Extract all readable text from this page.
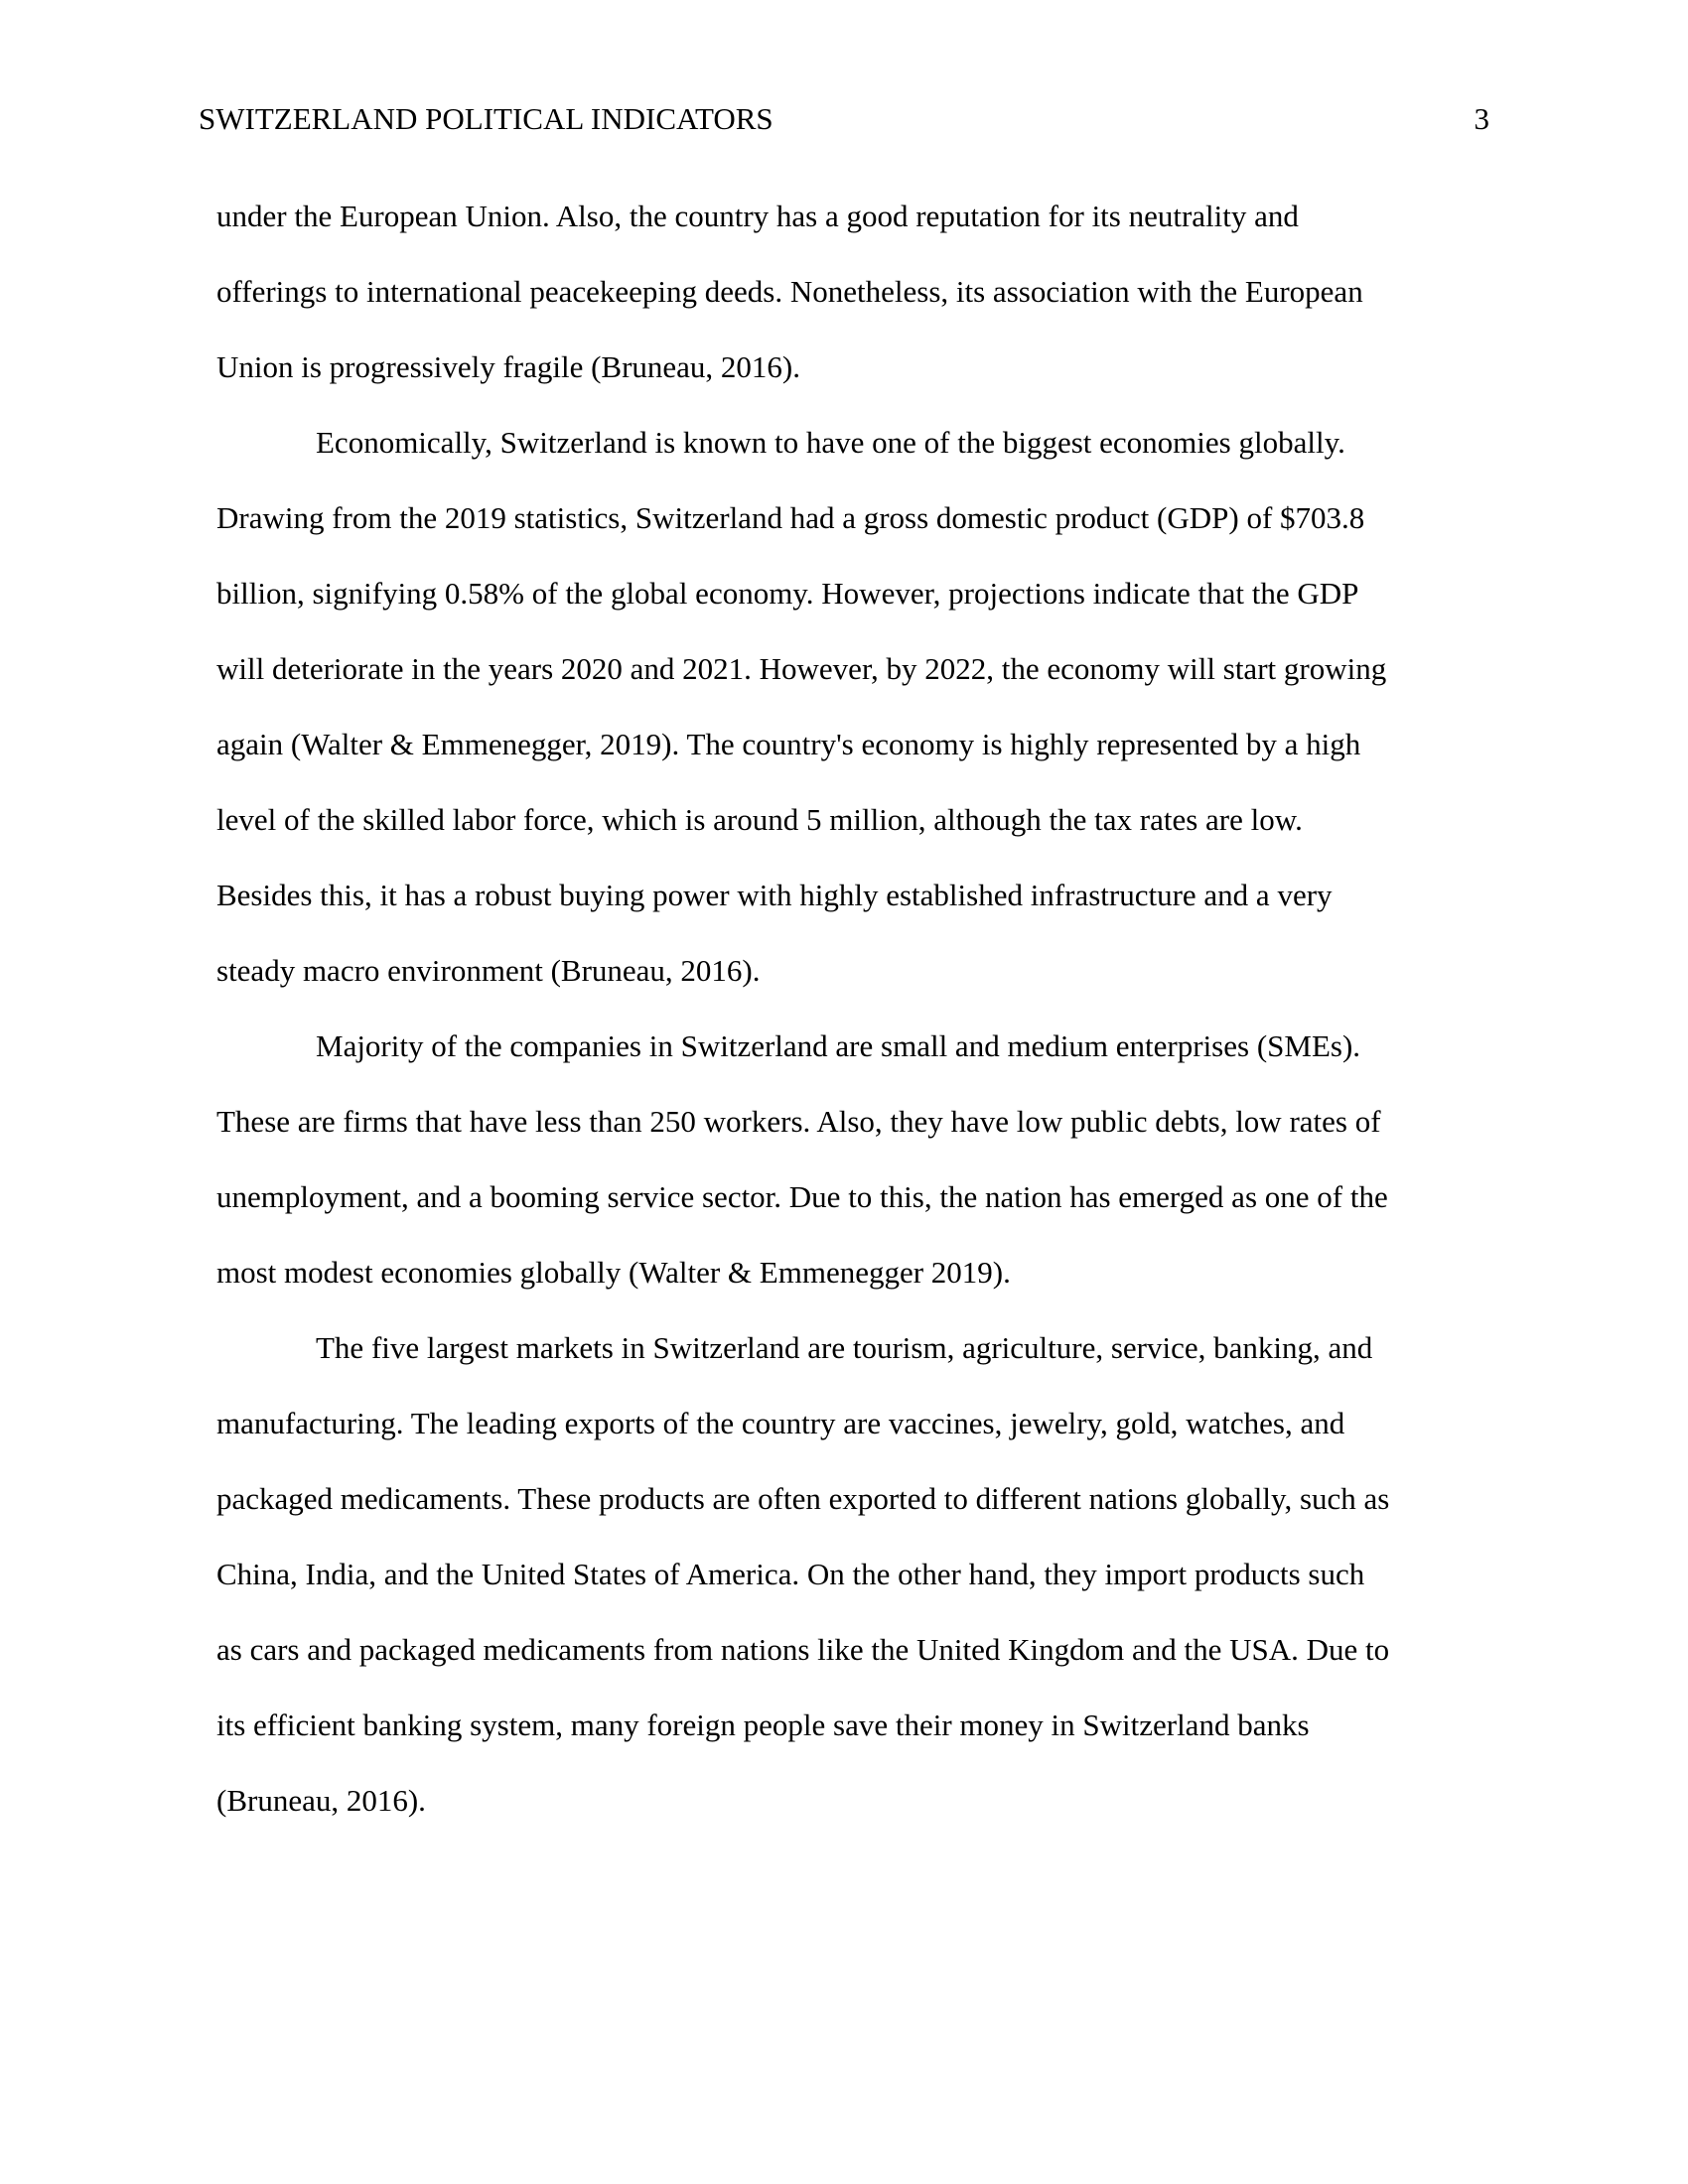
SWITZERLAND POLITICAL INDICATORS	3
under the European Union. Also, the country has a good reputation for its neutrality and
offerings to international peacekeeping deeds. Nonetheless, its association with the European
Union is progressively fragile (Bruneau, 2016).
Economically, Switzerland is known to have one of the biggest economies globally.
Drawing from the 2019 statistics, Switzerland had a gross domestic product (GDP) of $703.8
billion, signifying 0.58% of the global economy. However, projections indicate that the GDP
will deteriorate in the years 2020 and 2021. However, by 2022, the economy will start growing
again (Walter & Emmenegger, 2019). The country's economy is highly represented by a high
level of the skilled labor force, which is around 5 million, although the tax rates are low.
Besides this, it has a robust buying power with highly established infrastructure and a very
steady macro environment (Bruneau, 2016).
Majority of the companies in Switzerland are small and medium enterprises (SMEs).
These are firms that have less than 250 workers. Also, they have low public debts, low rates of
unemployment, and a booming service sector. Due to this, the nation has emerged as one of the
most modest economies globally (Walter & Emmenegger 2019).
The five largest markets in Switzerland are tourism, agriculture, service, banking, and
manufacturing. The leading exports of the country are vaccines, jewelry, gold, watches, and
packaged medicaments. These products are often exported to different nations globally, such as
China, India, and the United States of America. On the other hand, they import products such
as cars and packaged medicaments from nations like the United Kingdom and the USA. Due to
its efficient banking system, many foreign people save their money in Switzerland banks
(Bruneau, 2016).
